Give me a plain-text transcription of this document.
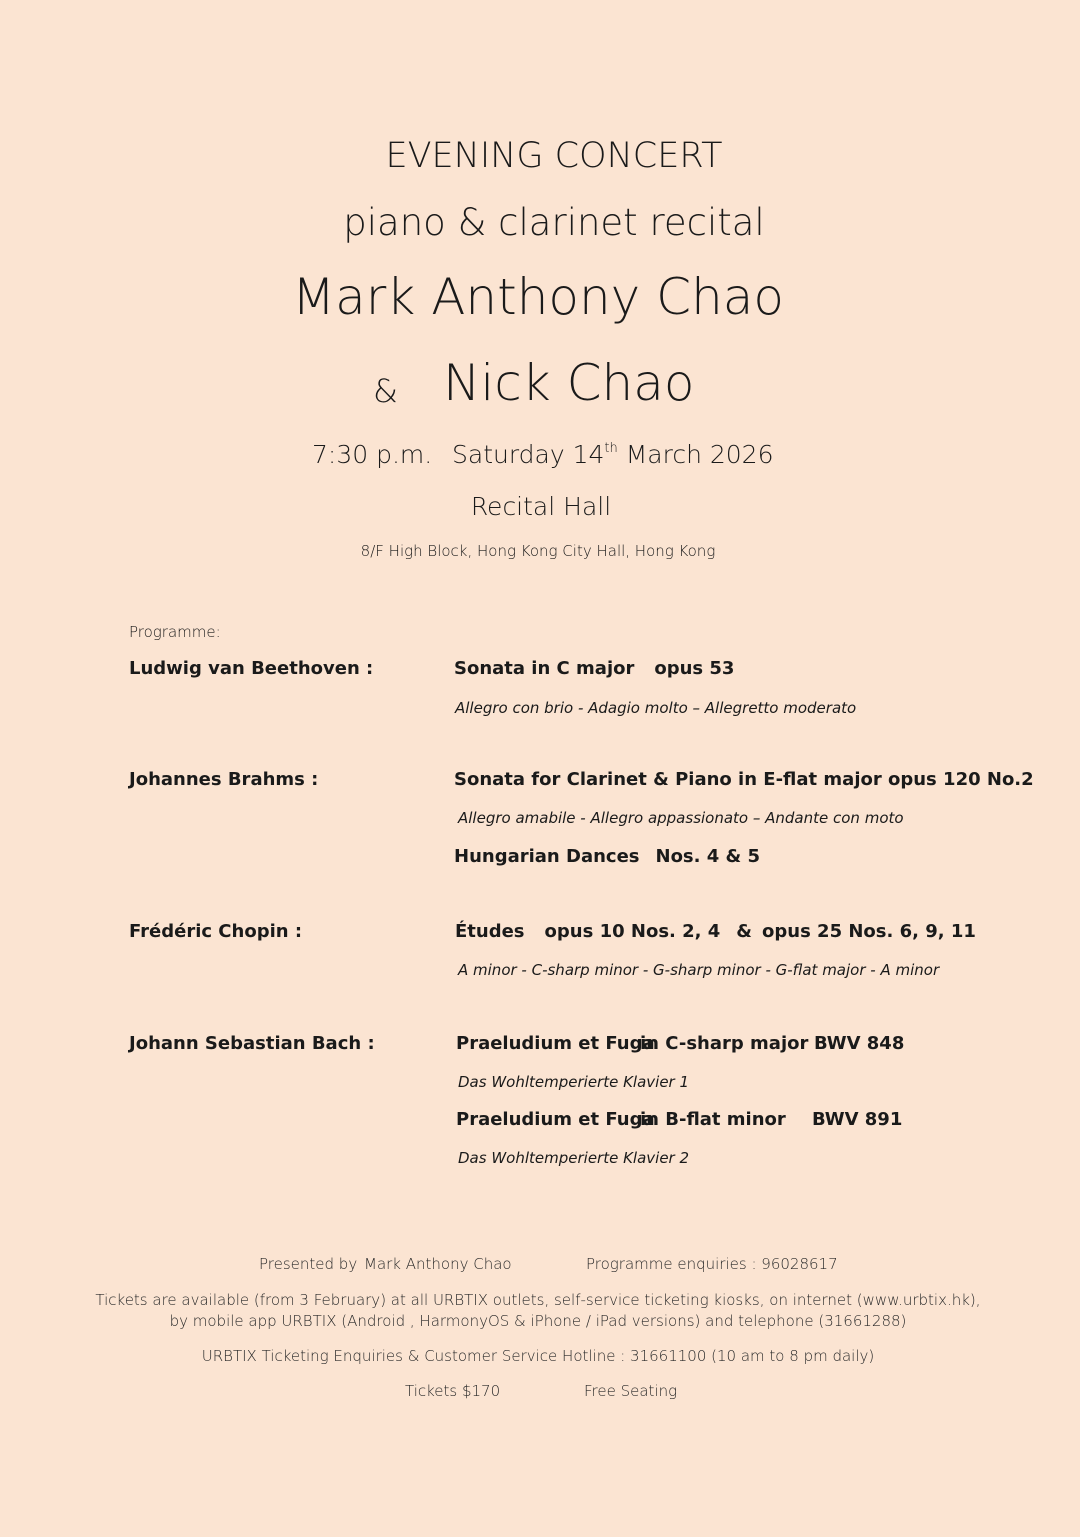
EVENING CONCERT
piano & clarinet recital
Mark Anthony Chao
& Nick Chao
7:30 p.m. Saturday 14th March 2026
Recital Hall
8/F High Block, Hong Kong City Hall, Hong Kong
Programme:
Ludwig van Beethoven :	Sonata in C major opus 53
Allegro con brio - Adagio molto – Allegretto moderato
Johannes Brahms :	Sonata for Clarinet & Piano in E-flat major opus 120 No.2
Allegro amabile - Allegro appassionato – Andante con moto
Hungarian Dances Nos. 4 & 5
Frédéric Chopin :	Études opus 10 Nos. 2, 4 & opus 25 Nos. 6, 9, 11
A minor - C-sharp minor - G-sharp minor - G-flat major - A minor
Johann Sebastian Bach :	Praeludium et Fuga
in C-sharp major BWV 848
Das Wohltemperierte Klavier 1
Praeludium et Fuga
in B-flat minor BWV 891
Das Wohltemperierte Klavier 2
Presented by Mark Anthony Chao	Programme enquiries : 96028617
Tickets are available (from 3 February) at all URBTIX outlets, self-service ticketing kiosks, on internet (www.urbtix.hk),
by mobile app URBTIX (Android , HarmonyOS & iPhone / iPad versions) and telephone (31661288)
URBTIX Ticketing Enquiries & Customer Service Hotline : 31661100 (10 am to 8 pm daily)
Tickets $170	Free Seating
